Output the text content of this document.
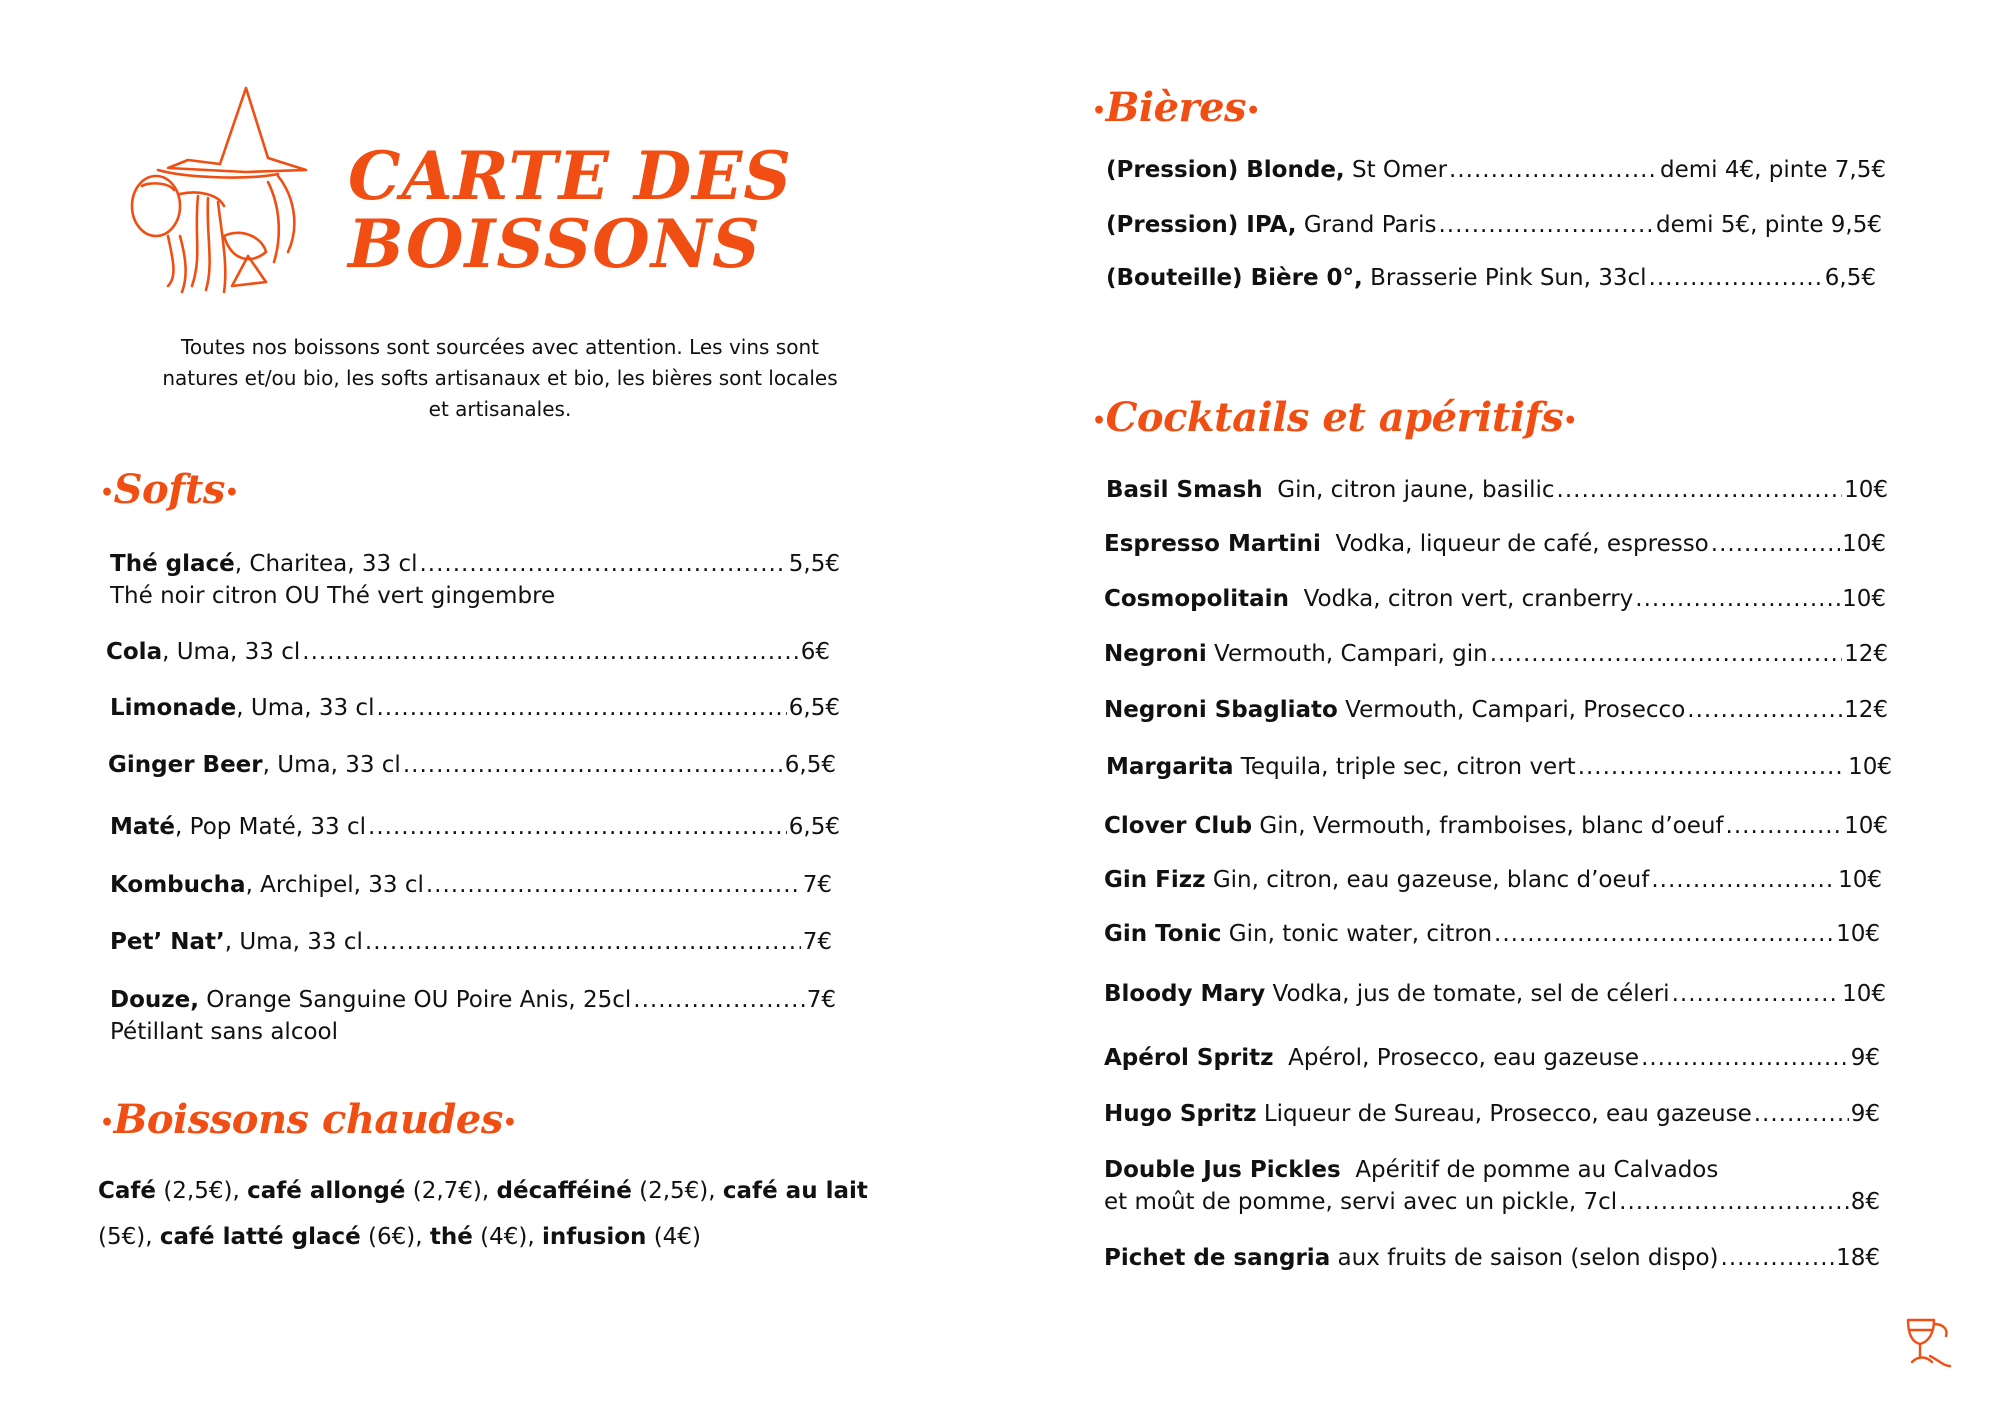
CARTE DES
BOISSONS
Toutes nos boissons sont sourcées avec attention. Les vins sont natures et/ou bio, les softs artisanaux et bio, les bières sont locales et artisanales.
•Softs•
Thé glacé, Charitea, 33 cl .....	5,5€
Thé noir citron OU Thé vert gingembre
Cola, Uma, 33 cl .....	6€
Limonade, Uma, 33 cl .....	6,5€
Ginger Beer, Uma, 33 cl .....	6,5€
Maté, Pop Maté, 33 cl .....	6,5€
Kombucha, Archipel, 33 cl .....	7€
Pet’ Nat’, Uma, 33 cl .....	7€
Douze, Orange Sanguine OU Poire Anis, 25cl .....	7€
Pétillant sans alcool
•Boissons chaudes•
Café (2,5€), café allongé (2,7€), décafféiné (2,5€), café au lait (5€), café latté glacé (6€), thé (4€), infusion (4€)
•Bières•
(Pression) Blonde, St Omer .....	demi 4€, pinte 7,5€
(Pression) IPA, Grand Paris .....	demi 5€, pinte 9,5€
(Bouteille) Bière 0°, Brasserie Pink Sun, 33cl .....	6,5€
•Cocktails et apéritifs•
Basil Smash  Gin, citron jaune, basilic .....	10€
Espresso Martini  Vodka, liqueur de café, espresso .....	10€
Cosmopolitain  Vodka, citron vert, cranberry .....	10€
Negroni Vermouth, Campari, gin .....	12€
Negroni Sbagliato Vermouth, Campari, Prosecco .....	12€
Margarita Tequila, triple sec, citron vert .....	10€
Clover Club Gin, Vermouth, framboises, blanc d’oeuf .....	10€
Gin Fizz Gin, citron, eau gazeuse, blanc d’oeuf .....	10€
Gin Tonic Gin, tonic water, citron .....	10€
Bloody Mary Vodka, jus de tomate, sel de céleri .....	10€
Apérol Spritz  Apérol, Prosecco, eau gazeuse .....	9€
Hugo Spritz Liqueur de Sureau, Prosecco, eau gazeuse .....	9€
Double Jus Pickles  Apéritif de pomme au Calvados
et moût de pomme, servi avec un pickle, 7cl .....	8€
Pichet de sangria aux fruits de saison (selon dispo) .....	18€
